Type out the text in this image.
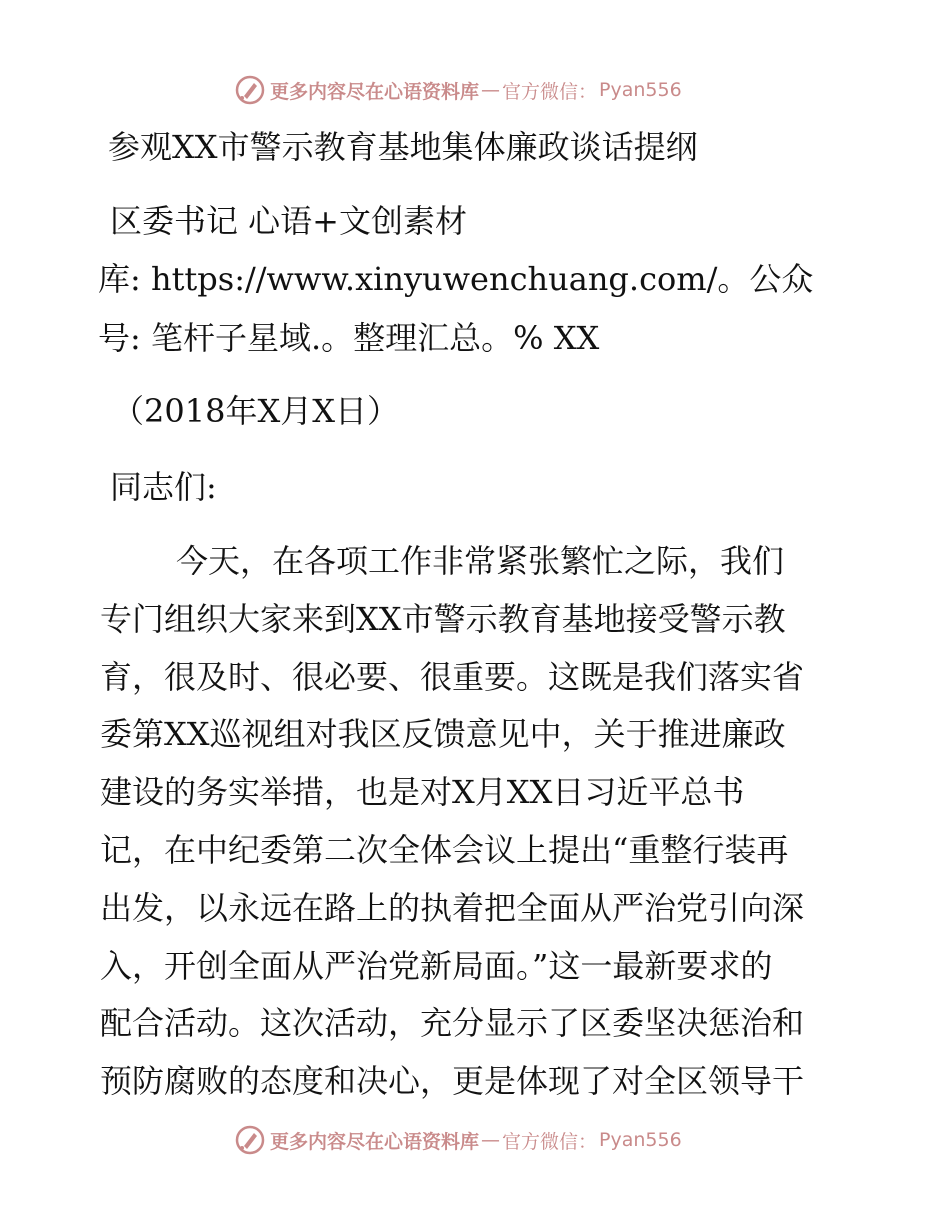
更多内容尽在心语资料库 — 官方微信： Pyan556
参观XX市警示教育基地集体廉政谈话提纲
区委书记 心语+文创素材
库: https://www.xinyuwenchuang.com/。公众
号: 笔杆子星域.。整理汇总。% XX
（2018年X月X日）
同志们:
今天，在各项工作非常紧张繁忙之际，我们
专门组织大家来到XX市警示教育基地接受警示教
育，很及时、很必要、很重要。这既是我们落实省
委第XX巡视组对我区反馈意见中，关于推进廉政
建设的务实举措，也是对X月XX日习近平总书
记，在中纪委第二次全体会议上提出“重整行装再
出发，以永远在路上的执着把全面从严治党引向深
入，开创全面从严治党新局面。”这一最新要求的
配合活动。这次活动，充分显示了区委坚决惩治和
预防腐败的态度和决心，更是体现了对全区领导干
更多内容尽在心语资料库 — 官方微信： Pyan556
